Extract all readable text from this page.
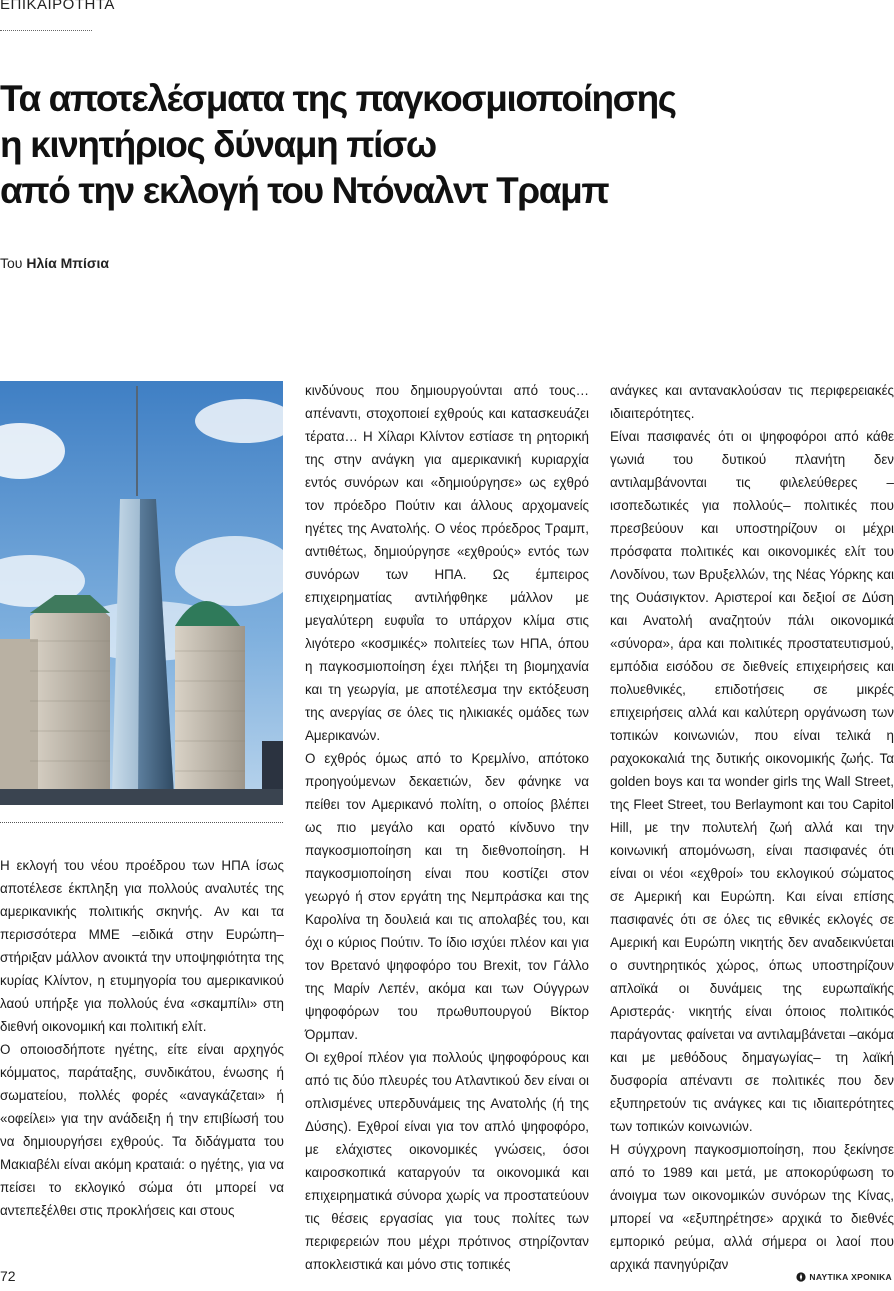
ΕΠΙΚΑΙΡΟΤΗΤΑ
Τα αποτελέσματα της παγκοσμιοποίησης
η κινητήριος δύναμη πίσω
από την εκλογή του Ντόναλντ Τραμπ
Του Ηλία Μπίσια

Η εκλογή του νέου προέδρου των ΗΠΑ ίσως αποτέλεσε έκπληξη για πολλούς αναλυτές της αμερικανικής πολιτικής σκηνής. Αν και τα περισσότερα ΜΜΕ –ειδικά στην Ευρώπη– στήριξαν μάλλον ανοικτά την υποψηφιότητα της κυρίας Κλίντον, η ετυμηγορία του αμερικανικού λαού υπήρξε για πολλούς ένα «σκαμπίλι» στη διεθνή οικονομική και πολιτική ελίτ.

Ο οποιοσδήποτε ηγέτης, είτε είναι αρχηγός κόμματος, παράταξης, συνδικάτου, ένωσης ή σωματείου, πολλές φορές «αναγκάζεται» ή «οφείλει» για την ανάδειξη ή την επιβίωσή του να δημιουργήσει εχθρούς. Τα διδάγματα του Μακιαβέλι είναι ακόμη κραταιά: ο ηγέτης, για να πείσει το εκλογικό σώμα ότι μπορεί να αντεπεξέλθει στις προκλήσεις και στους

κινδύνους που δημιουργούνται από τους… απέναντι, στοχοποιεί εχθρούς και κατασκευάζει τέρατα… Η Χίλαρι Κλίντον εστίασε τη ρητορική της στην ανάγκη για αμερικανική κυριαρχία εντός συνόρων και «δημιούργησε» ως εχθρό τον πρόεδρο Πούτιν και άλλους αρχομανείς ηγέτες της Ανατολής. Ο νέος πρόεδρος Τραμπ, αντιθέτως, δημιούργησε «εχθρούς» εντός των συνόρων των ΗΠΑ. Ως έμπειρος επιχειρηματίας αντιλήφθηκε μάλλον με μεγαλύτερη ευφυΐα το υπάρχον κλίμα στις λιγότερο «κοσμικές» πολιτείες των ΗΠΑ, όπου η παγκοσμιοποίηση έχει πλήξει τη βιομηχανία και τη γεωργία, με αποτέλεσμα την εκτόξευση της ανεργίας σε όλες τις ηλικιακές ομάδες των Αμερικανών.

Ο εχθρός όμως από το Κρεμλίνο, απότοκο προηγούμενων δεκαετιών, δεν φάνηκε να πείθει τον Αμερικανό πολίτη, ο οποίος βλέπει ως πιο μεγάλο και ορατό κίνδυνο την παγκοσμιοποίηση και τη διεθνοποίηση. Η παγκοσμιοποίηση είναι που κοστίζει στον γεωργό ή στον εργάτη της Νεμπράσκα και της Καρολίνα τη δουλειά και τις απολαβές του, και όχι ο κύριος Πούτιν. Το ίδιο ισχύει πλέον και για τον Βρετανό ψηφοφόρο του Brexit, τον Γάλλο της Μαρίν Λεπέν, ακόμα και των Ούγγρων ψηφοφόρων του πρωθυπουργού Βίκτορ Όρμπαν.

Οι εχθροί πλέον για πολλούς ψηφοφόρους και από τις δύο πλευρές του Ατλαντικού δεν είναι οι οπλισμένες υπερδυνάμεις της Ανατολής (ή της Δύσης). Εχθροί είναι για τον απλό ψηφοφόρο, με ελάχιστες οικονομικές γνώσεις, όσοι καιροσκοπικά καταργούν τα οικονομικά και επιχειρηματικά σύνορα χωρίς να προστατεύουν τις θέσεις εργασίας για τους πολίτες των περιφερειών που μέχρι πρότινος στηρίζονταν αποκλειστικά και μόνο στις τοπικές

ανάγκες και αντανακλούσαν τις περιφερειακές ιδιαιτερότητες.

Είναι πασιφανές ότι οι ψηφοφόροι από κάθε γωνιά του δυτικού πλανήτη δεν αντιλαμβάνονται τις φιλελεύθερες –ισοπεδωτικές για πολλούς– πολιτικές που πρεσβεύουν και υποστηρίζουν οι μέχρι πρόσφατα πολιτικές και οικονομικές ελίτ του Λονδίνου, των Βρυξελλών, της Νέας Υόρκης και της Ουάσιγκτον. Αριστεροί και δεξιοί σε Δύση και Ανατολή αναζητούν πάλι οικονομικά «σύνορα», άρα και πολιτικές προστατευτισμού, εμπόδια εισόδου σε διεθνείς επιχειρήσεις και πολυεθνικές, επιδοτήσεις σε μικρές επιχειρήσεις αλλά και καλύτερη οργάνωση των τοπικών κοινωνιών, που είναι τελικά η ραχοκοκαλιά της δυτικής οικονομικής ζωής. Τα golden boys και τα wonder girls της Wall Street, της Fleet Street, του Berlaymont και του Capitol Hill, με την πολυτελή ζωή αλλά και την κοινωνική απομόνωση, είναι πασιφανές ότι είναι οι νέοι «εχθροί» του εκλογικού σώματος σε Αμερική και Ευρώπη. Και είναι επίσης πασιφανές ότι σε όλες τις εθνικές εκλογές σε Αμερική και Ευρώπη νικητής δεν αναδεικνύεται ο συντηρητικός χώρος, όπως υποστηρίζουν απλοϊκά οι δυνάμεις της ευρωπαϊκής Αριστεράς· νικητής είναι όποιος πολιτικός παράγοντας φαίνεται να αντιλαμβάνεται –ακόμα και με μεθόδους δημαγωγίας– τη λαϊκή δυσφορία απέναντι σε πολιτικές που δεν εξυπηρετούν τις ανάγκες και τις ιδιαιτερότητες των τοπικών κοινωνιών.

Η σύγχρονη παγκοσμιοποίηση, που ξεκίνησε από το 1989 και μετά, με αποκορύφωση το άνοιγμα των οικονομικών συνόρων της Κίνας, μπορεί να «εξυπηρέτησε» αρχικά το διεθνές εμπορικό ρεύμα, αλλά σήμερα οι λαοί που αρχικά πανηγύριζαν

72	ΝΑΥΤΙΚΑ ΧΡΟΝΙΚΑ
